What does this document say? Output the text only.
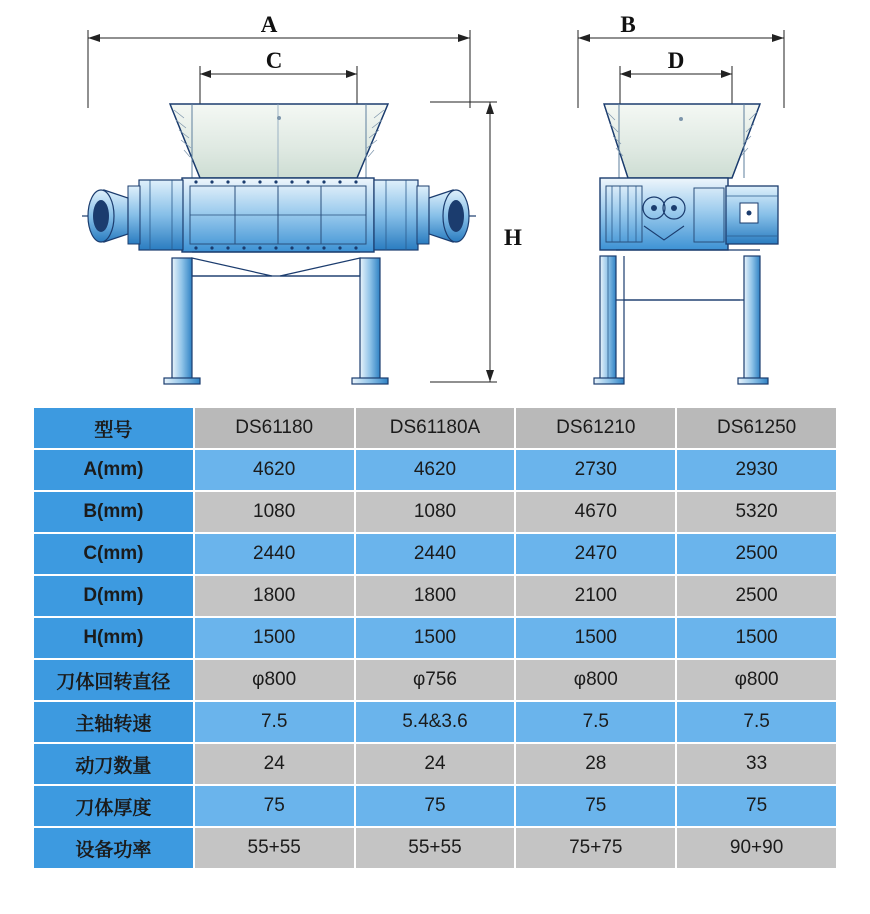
A
C
H
B
D
型号	DS61180	DS61180A	DS61210	DS61250
A(mm)	4620	4620	2730	2930
B(mm)	1080	1080	4670	5320
C(mm)	2440	2440	2470	2500
D(mm)	1800	1800	2100	2500
H(mm)	1500	1500	1500	1500
刀体回转直径	φ800	φ756	φ800	φ800
主轴转速	7.5	5.4&3.6	7.5	7.5
动刀数量	24	24	28	33
刀体厚度	75	75	75	75
设备功率	55+55	55+55	75+75	90+90
